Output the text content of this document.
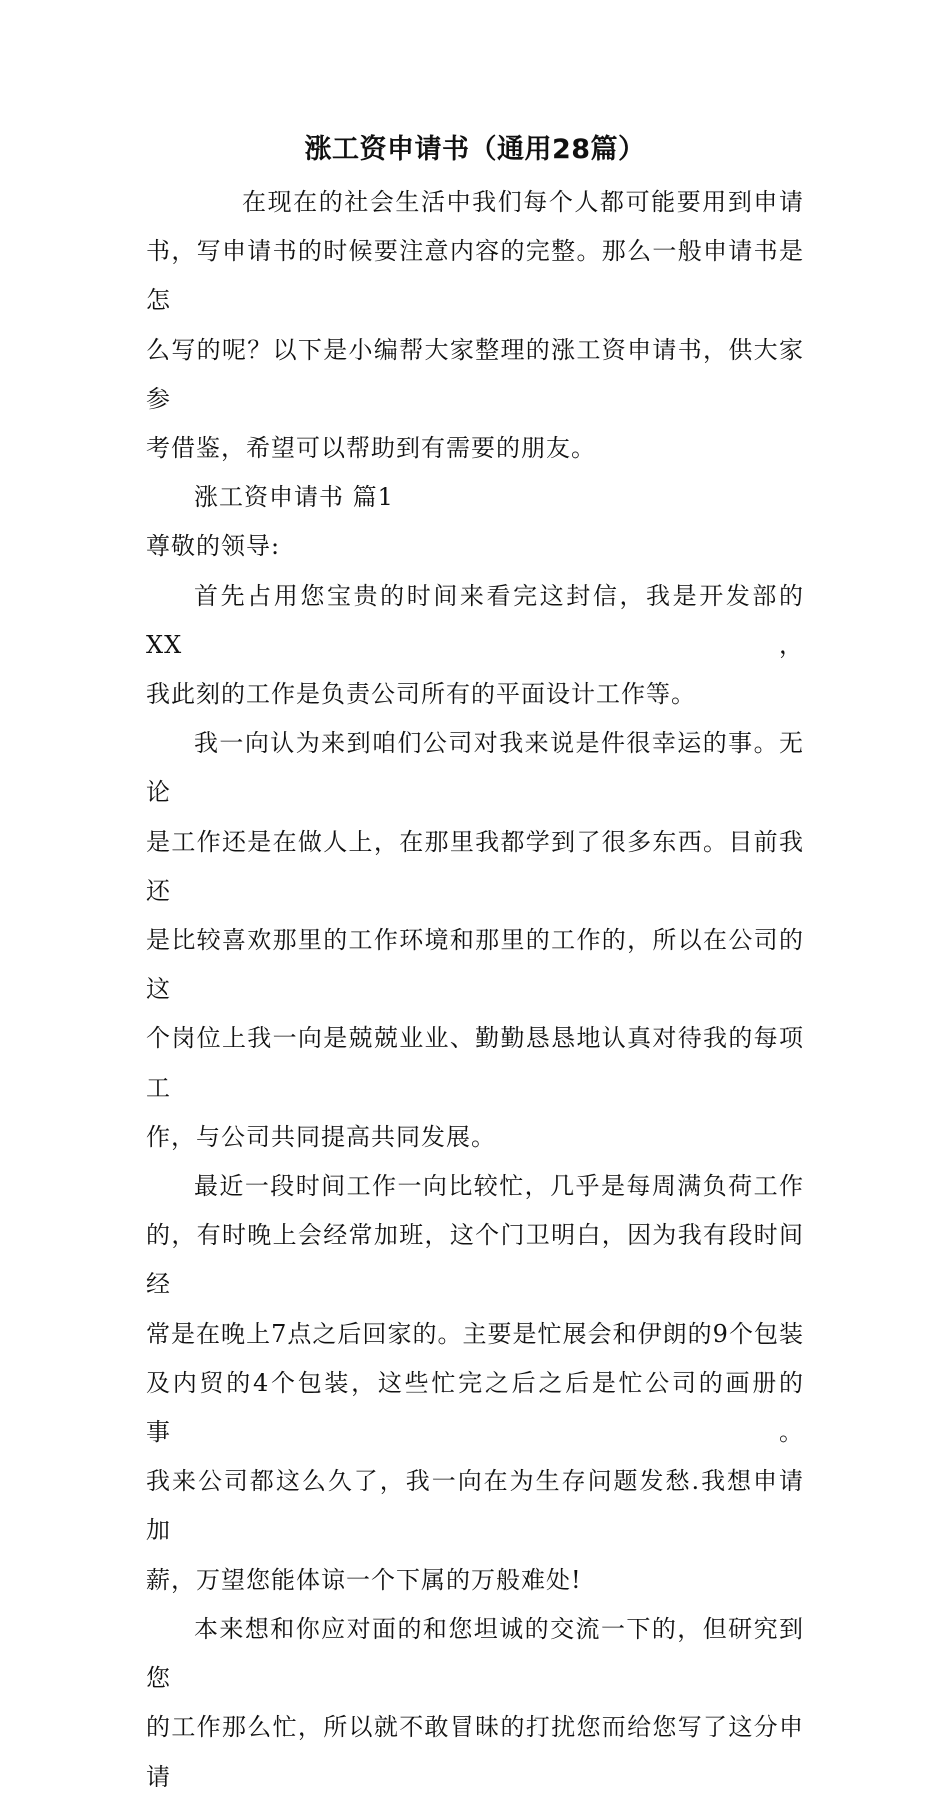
涨工资申请书（通用28篇）
在现在的社会生活中我们每个人都可能要用到申请
书，写申请书的时候要注意内容的完整。那么一般申请书是怎
么写的呢？以下是小编帮大家整理的涨工资申请书，供大家参
考借鉴，希望可以帮助到有需要的朋友。
涨工资申请书 篇1
尊敬的领导:
首先占用您宝贵的时间来看完这封信，我是开发部的XX，
我此刻的工作是负责公司所有的平面设计工作等。
我一向认为来到咱们公司对我来说是件很幸运的事。无论
是工作还是在做人上，在那里我都学到了很多东西。目前我还
是比较喜欢那里的工作环境和那里的工作的，所以在公司的这
个岗位上我一向是兢兢业业、勤勤恳恳地认真对待我的每项工
作，与公司共同提高共同发展。
最近一段时间工作一向比较忙，几乎是每周满负荷工作
的，有时晚上会经常加班，这个门卫明白，因为我有段时间经
常是在晚上7点之后回家的。主要是忙展会和伊朗的9个包装
及内贸的4个包装，这些忙完之后之后是忙公司的画册的事。
我来公司都这么久了，我一向在为生存问题发愁.我想申请加
薪，万望您能体谅一个下属的万般难处!
本来想和你应对面的和您坦诚的交流一下的，但研究到您
的工作那么忙，所以就不敢冒昧的打扰您而给您写了这分申请
